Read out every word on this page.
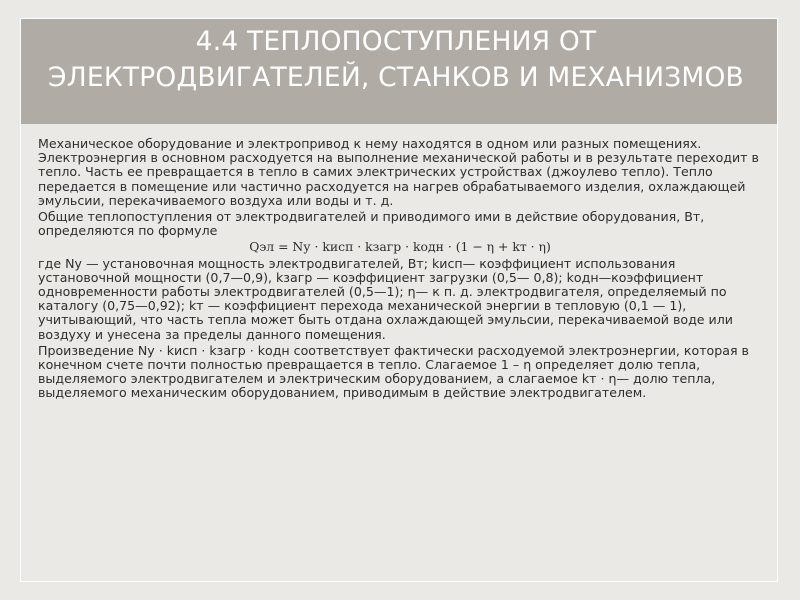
4.4 ТЕПЛОПОСТУПЛЕНИЯ ОТ ЭЛЕКТРОДВИГАТЕЛЕЙ, СТАНКОВ И МЕХАНИЗМОВ

Механическое оборудование и электропривод к нему находятся в одном или разных помещениях. Электроэнергия в основном расходуется на выполнение механической работы и в результате переходит в тепло. Часть ее превращается в тепло в самих электрических устройствах (джоулево тепло). Тепло передается в помещение или частично расходуется на нагрев обрабатываемого изделия, охлаждающей эмульсии, перекачиваемого воздуха или воды и т. д.

Общие теплопоступления от электродвигателей и приводимого ими в действие оборудования, Вт, определяются по формуле

Qэл = Nу · kисп · kзагр · kодн · (1 − η + kт · η)

где Nу — установочная мощность электродвигателей, Вт; kисп— коэффициент использования установочной мощности (0,7—0,9), kзагр — коэффициент загрузки (0,5— 0,8); kодн—коэффициент одновременности работы электродвигателей (0,5—1); η— к п. д. электродвигателя, определяемый по каталогу (0,75—0,92); kт — коэффициент перехода механической энергии в тепловую (0,1 — 1), учитывающий, что часть тепла может быть отдана охлаждающей эмульсии, перекачиваемой воде или воздуху и унесена за пределы данного помещения.

Произведение Nу · kисп · kзагр · kодн соответствует фактически расходуемой электроэнергии, которая в конечном счете почти полностью превращается в тепло. Слагаемое 1 – η определяет долю тепла, выделяемого электродвигателем и электрическим оборудованием, а слагаемое kт · η— долю тепла, выделяемого механическим оборудованием, приводимым в действие электродвигателем.
